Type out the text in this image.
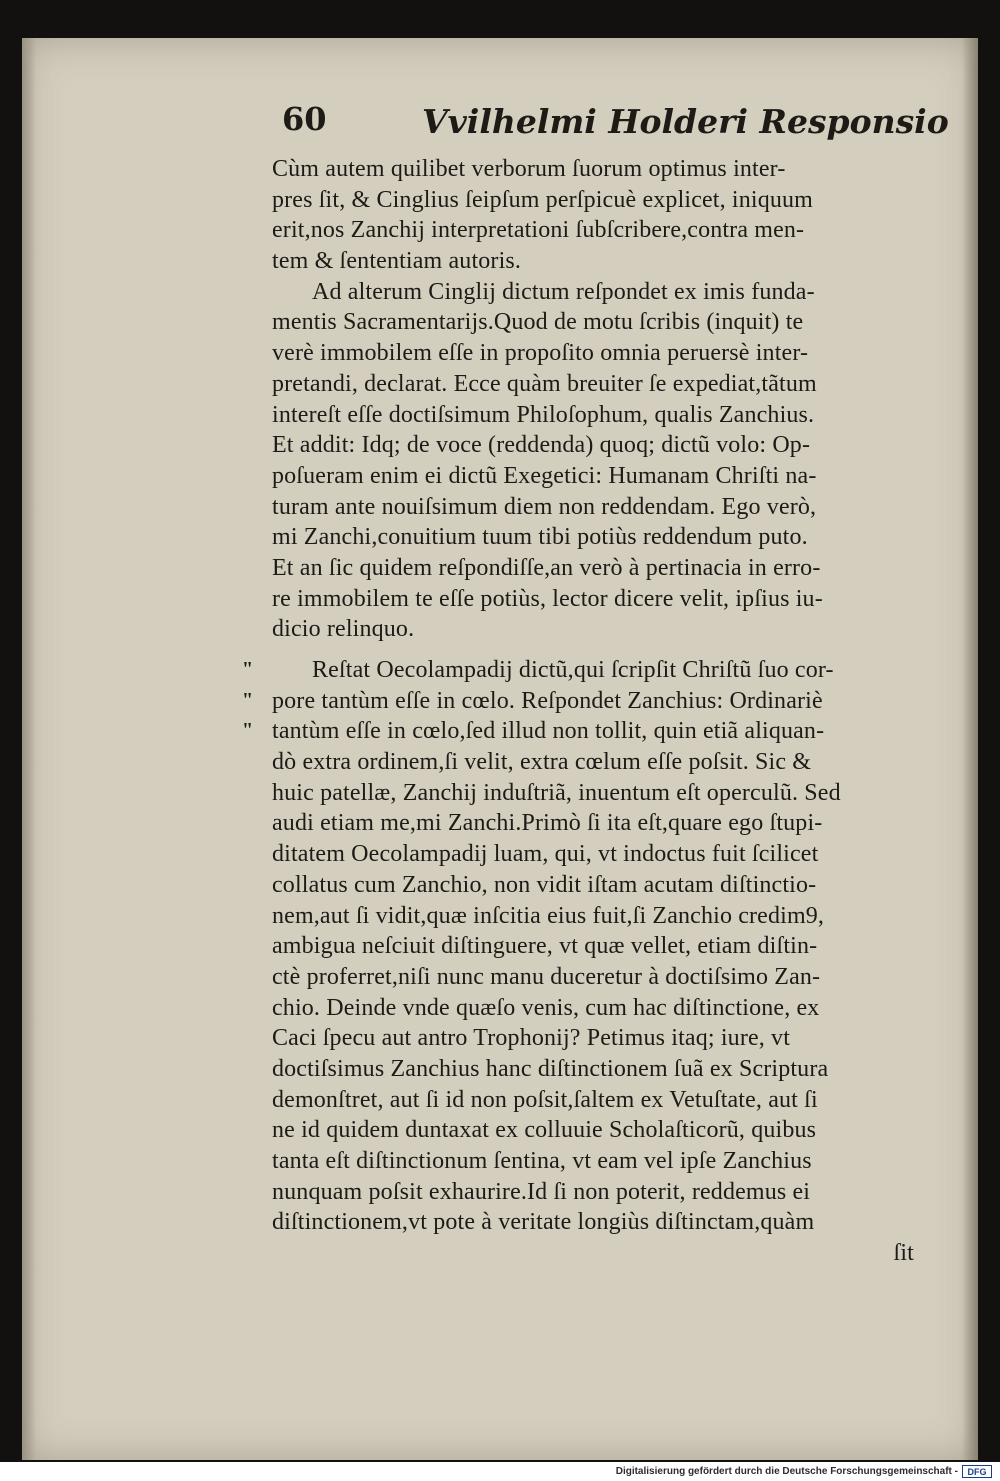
60	Vvilhelmi Holderi Responsio
"
"
"
Cùm autem quilibet verborum ſuorum optimus inter-
pres ſit, & Cinglius ſeipſum perſpicuè explicet, iniquum
erit,nos Zanchij interpretationi ſubſcribere,contra men-
tem & ſententiam autoris.
Ad alterum Cinglij dictum reſpondet ex imis funda-
mentis Sacramentarijs.Quod de motu ſcribis (inquit) te
verè immobilem eſſe in propoſito omnia peruersè inter-
pretandi, declarat. Ecce quàm breuiter ſe expediat,tãtum
intereſt eſſe doctiſsimum Philoſophum, qualis Zanchius.
Et addit: Idq; de voce (reddenda) quoq; dictũ volo: Op-
poſueram enim ei dictũ Exegetici: Humanam Chriſti na-
turam ante nouiſsimum diem non reddendam. Ego verò,
mi Zanchi,conuitium tuum tibi potiùs reddendum puto.
Et an ſic quidem reſpondiſſe,an verò à pertinacia in erro-
re immobilem te eſſe potiùs, lector dicere velit, ipſius iu-
dicio relinquo.
Reſtat Oecolampadij dictũ,qui ſcripſit Chriſtũ ſuo cor-
pore tantùm eſſe in cœlo. Reſpondet Zanchius: Ordinariè
tantùm eſſe in cœlo,ſed illud non tollit, quin etiã aliquan-
dò extra ordinem,ſi velit, extra cœlum eſſe poſsit. Sic &
huic patellæ, Zanchij induſtriã, inuentum eſt operculũ. Sed
audi etiam me,mi Zanchi.Primò ſi ita eſt,quare ego ſtupi-
ditatem Oecolampadij luam, qui, vt indoctus fuit ſcilicet
collatus cum Zanchio, non vidit iſtam acutam diſtinctio-
nem,aut ſi vidit,quæ inſcitia eius fuit,ſi Zanchio credim9,
ambigua neſciuit diſtinguere, vt quæ vellet, etiam diſtin-
ctè proferret,niſi nunc manu duceretur à doctiſsimo Zan-
chio. Deinde vnde quæſo venis, cum hac diſtinctione, ex
Caci ſpecu aut antro Trophonij? Petimus itaq; iure, vt
doctiſsimus Zanchius hanc diſtinctionem ſuã ex Scriptura
demonſtret, aut ſi id non poſsit,ſaltem ex Vetuſtate, aut ſi
ne id quidem duntaxat ex colluuie Scholaſticorũ, quibus
tanta eſt diſtinctionum ſentina, vt eam vel ipſe Zanchius
nunquam poſsit exhaurire.Id ſi non poterit, reddemus ei
diſtinctionem,vt pote à veritate longiùs diſtinctam,quàm
ſit
Digitalisierung gefördert durch die Deutsche Forschungsgemeinschaft -	DFG
